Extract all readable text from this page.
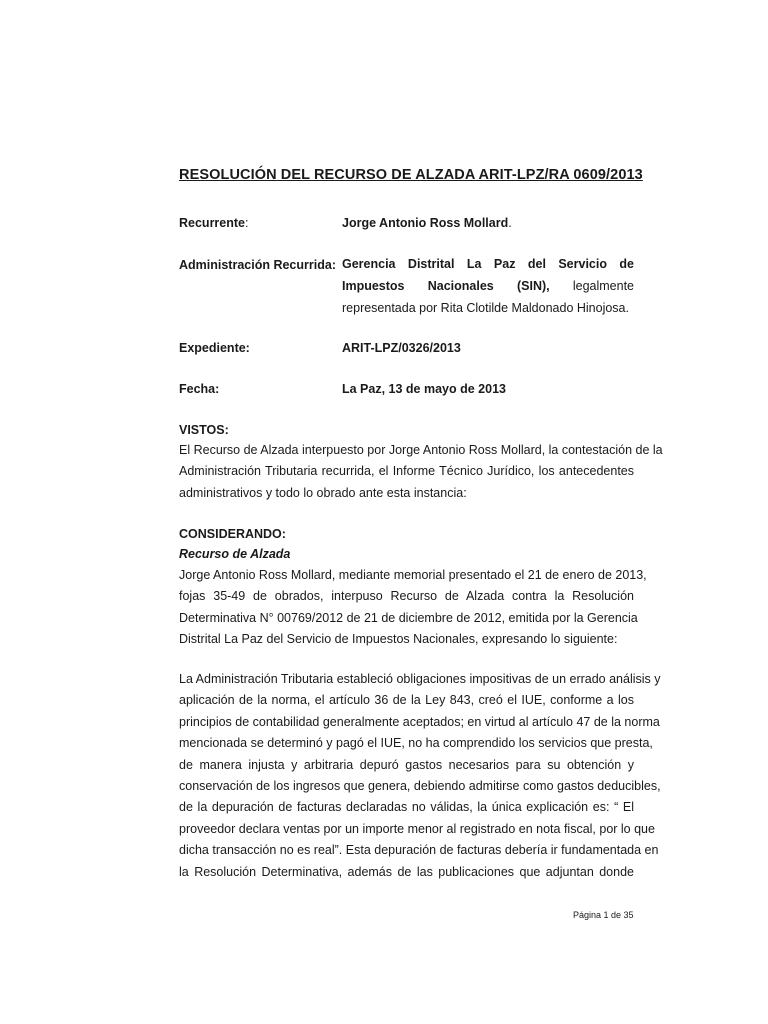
RESOLUCIÓN DEL RECURSO DE ALZADA ARIT-LPZ/RA 0609/2013
Recurrente:	Jorge Antonio Ross Mollard.
Administración Recurrida: Gerencia Distrital La Paz del Servicio de Impuestos Nacionales (SIN), legalmente representada por Rita Clotilde Maldonado Hinojosa.
Expediente:	ARIT-LPZ/0326/2013
Fecha:	La Paz, 13 de mayo de 2013
VISTOS:
El Recurso de Alzada interpuesto por Jorge Antonio Ross Mollard, la contestación de la
Administración Tributaria recurrida, el Informe Técnico Jurídico, los antecedentes
administrativos y todo lo obrado ante esta instancia:
CONSIDERANDO:
Recurso de Alzada
Jorge Antonio Ross Mollard, mediante memorial presentado el 21 de enero de 2013,
fojas 35-49 de obrados, interpuso Recurso de Alzada contra la Resolución
Determinativa N° 00769/2012 de 21 de diciembre de 2012, emitida por la Gerencia
Distrital La Paz del Servicio de Impuestos Nacionales, expresando lo siguiente:
La Administración Tributaria estableció obligaciones impositivas de un errado análisis y
aplicación de la norma, el artículo 36 de la Ley 843, creó el IUE, conforme a los
principios de contabilidad generalmente aceptados; en virtud al artículo 47 de la norma
mencionada se determinó y pagó el IUE, no ha comprendido los servicios que presta,
de manera injusta y arbitraria depuró gastos necesarios para su obtención y
conservación de los ingresos que genera, debiendo admitirse como gastos deducibles,
de la depuración de facturas declaradas no válidas, la única explicación es: “ El
proveedor declara ventas por un importe menor al registrado en nota fiscal, por lo que
dicha transacción no es real”. Esta depuración de facturas debería ir fundamentada en
la Resolución Determinativa, además de las publicaciones que adjuntan donde
Página 1 de 35
